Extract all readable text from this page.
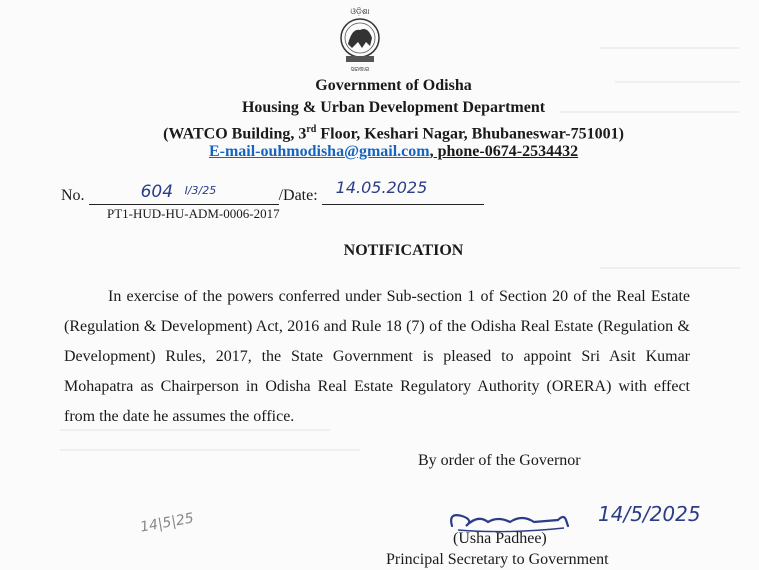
ଓଡ଼ିଶା
ସରକାର
Government of Odisha
Housing & Urban Development Department
(WATCO Building, 3rd Floor, Keshari Nagar, Bhubaneswar-751001)
E-mail-ouhmodisha@gmail.com, phone-0674-2534432
No.	604 I/3/25	/Date: 14.05.2025
PT1-HUD-HU-ADM-0006-2017
NOTIFICATION
In exercise of the powers conferred under Sub-section 1 of Section 20 of the Real Estate (Regulation & Development) Act, 2016 and Rule 18 (7) of the Odisha Real Estate (Regulation & Development) Rules, 2017, the State Government is pleased to appoint Sri Asit Kumar Mohapatra as Chairperson in Odisha Real Estate Regulatory Authority (ORERA) with effect from the date he assumes the office.
By order of the Governor
14/5/2025
14|5|25
(Usha Padhee)
Principal Secretary to Government
